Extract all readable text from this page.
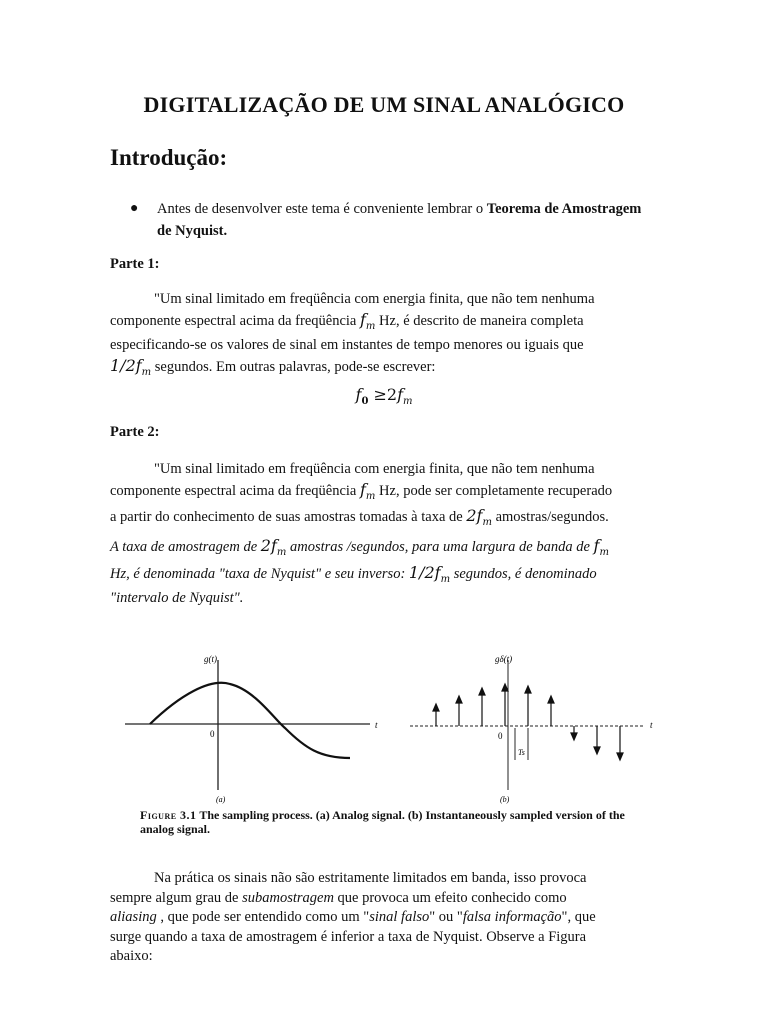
DIGITALIZAÇÃO DE UM SINAL ANALÓGICO
Introdução:
● Antes de desenvolver este tema é conveniente lembrar o Teorema de Amostragem de Nyquist.
Parte 1:
"Um sinal limitado em freqüência com energia finita, que não tem nenhuma
componente espectral acima da freqüência $f_m$ Hz, é descrito de maneira completa
especificando-se os valores de sinal em instantes de tempo menores ou iguais que
$1/2f_m$ segundos. Em outras palavras, pode-se escrever:
$f_0 \ge 2f_m$
Parte 2:
"Um sinal limitado em freqüência com energia finita, que não tem nenhuma
componente espectral acima da freqüência $f_m$ Hz, pode ser completamente recuperado
a partir do conhecimento de suas amostras tomadas à taxa de $2f_m$ amostras/segundos.
A taxa de amostragem de $2f_m$ amostras /segundos, para uma largura de banda de $f_m$
Hz, é denominada "taxa de Nyquist" e seu inverso: $1/2f_m$ segundos, é denominado
"intervalo de Nyquist".
t
g(t)
0
(a)
t
gδ(t)
0
Ts
(b)
Figure 3.1 The sampling process. (a) Analog signal. (b) Instantaneously sampled version of the analog signal.
Na prática os sinais não são estritamente limitados em banda, isso provoca
sempre algum grau de subamostragem que provoca um efeito conhecido como
aliasing , que pode ser entendido como um "sinal falso" ou "falsa informação", que
surge quando a taxa de amostragem é inferior a taxa de Nyquist. Observe a Figura
abaixo:
